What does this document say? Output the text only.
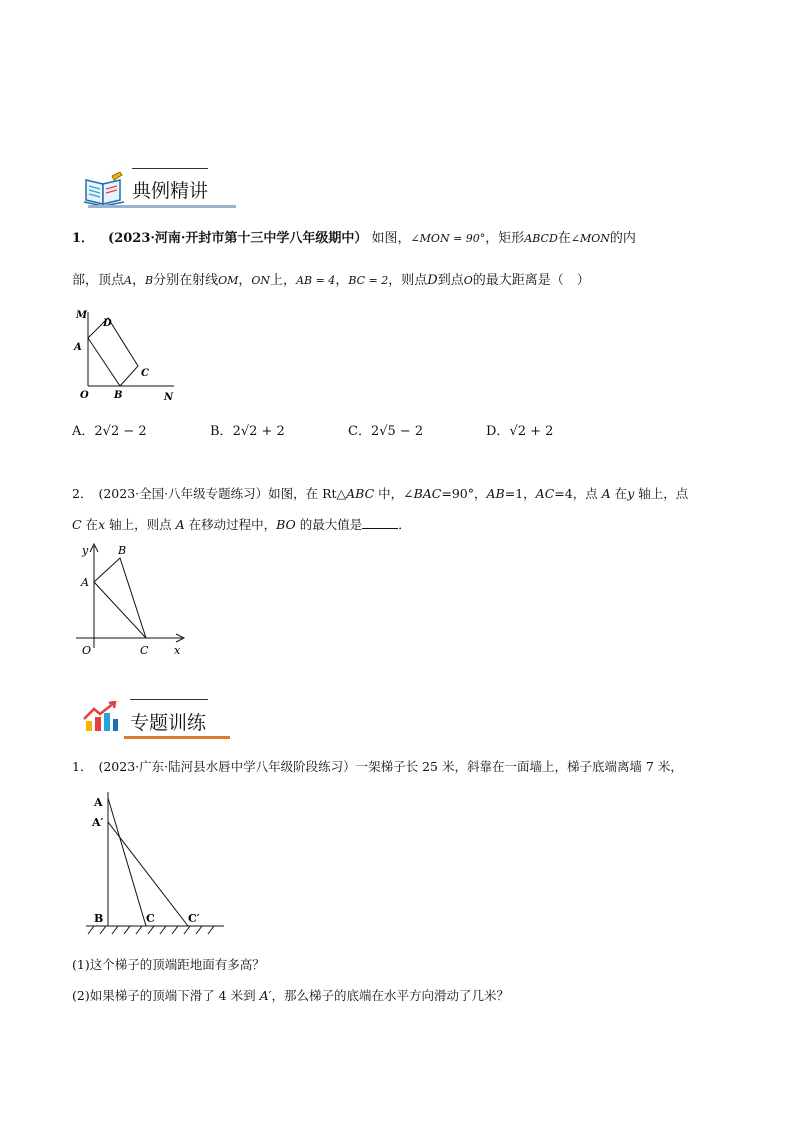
典例精讲
1． (2023·河南·开封市第十三中学八年级期中） 如图，∠MON = 90°，矩形ABCD在∠MON的内
部，顶点A，B分别在射线OM，ON上，AB = 4，BC = 2，则点D到点O的最大距离是（　）
M
D
A
C
O	B	N
A．2√2 − 2	B．2√2 + 2	C．2√5 − 2	D．√2 + 2
2． (2023·全国·八年级专题练习）如图，在 Rt△ABC 中，∠BAC=90°，AB=1，AC=4，点 A 在y 轴上，点
C 在x 轴上，则点 A 在移动过程中，BO 的最大值是	．
y	B
A
O	C x
专题训练
1． (2023·广东·陆河县水唇中学八年级阶段练习）一架梯子长 25 米，斜靠在一面墙上，梯子底端离墙 7 米，
A
A′
B	C	C′
(1)这个梯子的顶端距地面有多高？
(2)如果梯子的顶端下滑了 4 米到 A′，那么梯子的底端在水平方向滑动了几米？
